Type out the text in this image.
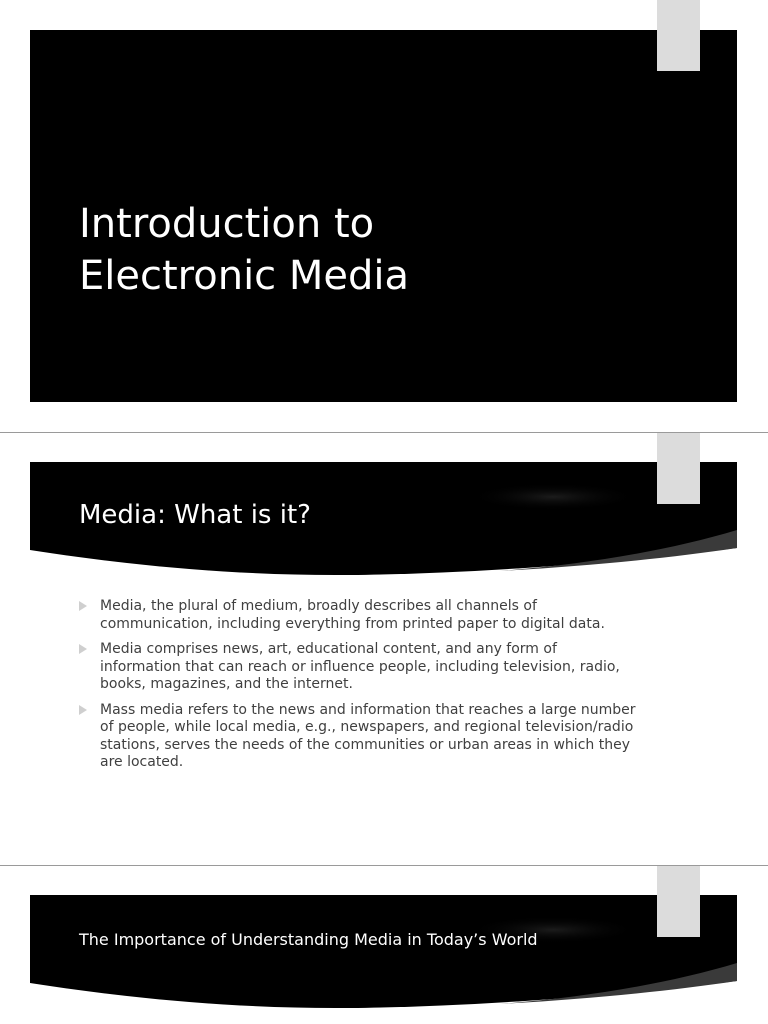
Introduction to
Electronic Media
Media: What is it?
Media, the plural of medium, broadly describes all channels of communication, including everything from printed paper to digital data.
Media comprises news, art, educational content, and any form of information that can reach or influence people, including television, radio, books, magazines, and the internet.
Mass media refers to the news and information that reaches a large number of people, while local media, e.g., newspapers, and regional television/radio stations, serves the needs of the communities or urban areas in which they are located.
The Importance of Understanding Media in Today’s World
